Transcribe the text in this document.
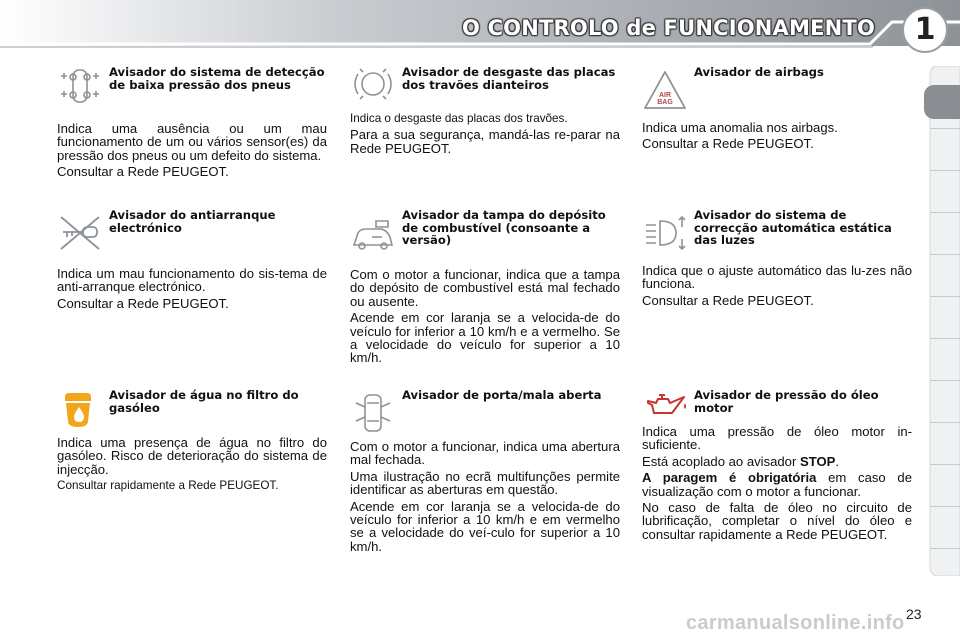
O CONTROLO de FUNCIONAMENTO	1
Avisador do sistema de detecção de baixa pressão dos pneus

Indica uma ausência ou um mau funcionamento de um ou vários sensor(es) da pressão dos pneus ou um defeito do sistema.

Consultar a Rede PEUGEOT.

Avisador de desgaste das placas dos travões dianteiros

Indica o desgaste das placas dos travões.

Para a sua segurança, mandá-las re-parar na Rede PEUGEOT.

AIR
BAG
Avisador de airbags

Indica uma anomalia nos airbags.

Consultar a Rede PEUGEOT.

Avisador do antiarranque electrónico

Indica um mau funcionamento do sis-tema de anti-arranque electrónico.

Consultar a Rede PEUGEOT.

Avisador da tampa do depósito de combustível (consoante a versão)

Com o motor a funcionar, indica que a tampa do depósito de combustível está mal fechado ou ausente.

Acende em cor laranja se a velocida-de do veículo for inferior a 10 km/h e a vermelho. Se a velocidade do veículo for superior a 10 km/h.

Avisador do sistema de correcção automática estática das luzes

Indica que o ajuste automático das lu-zes não funciona.

Consultar a Rede PEUGEOT.

Avisador de água no filtro do gasóleo

Indica uma presença de água no filtro do gasóleo. Risco de deterioração do sistema de injecção.

Consultar rapidamente a Rede PEUGEOT.

Avisador de porta/mala aberta

Com o motor a funcionar, indica uma abertura mal fechada.

Uma ilustração no ecrã multifunções permite identificar as aberturas em questão.

Acende em cor laranja se a velocida-de do veículo for inferior a 10 km/h e em vermelho se a velocidade do veí-culo for superior a 10 km/h.

Avisador de pressão do óleo motor

Indica uma pressão de óleo motor in-suficiente.

Está acoplado ao avisador STOP.

A paragem é obrigatória em caso de visualização com o motor a funcionar.

No caso de falta de óleo no circuito de lubrificação, completar o nível do óleo e consultar rapidamente a Rede PEUGEOT.

23
carmanualsonline.info
